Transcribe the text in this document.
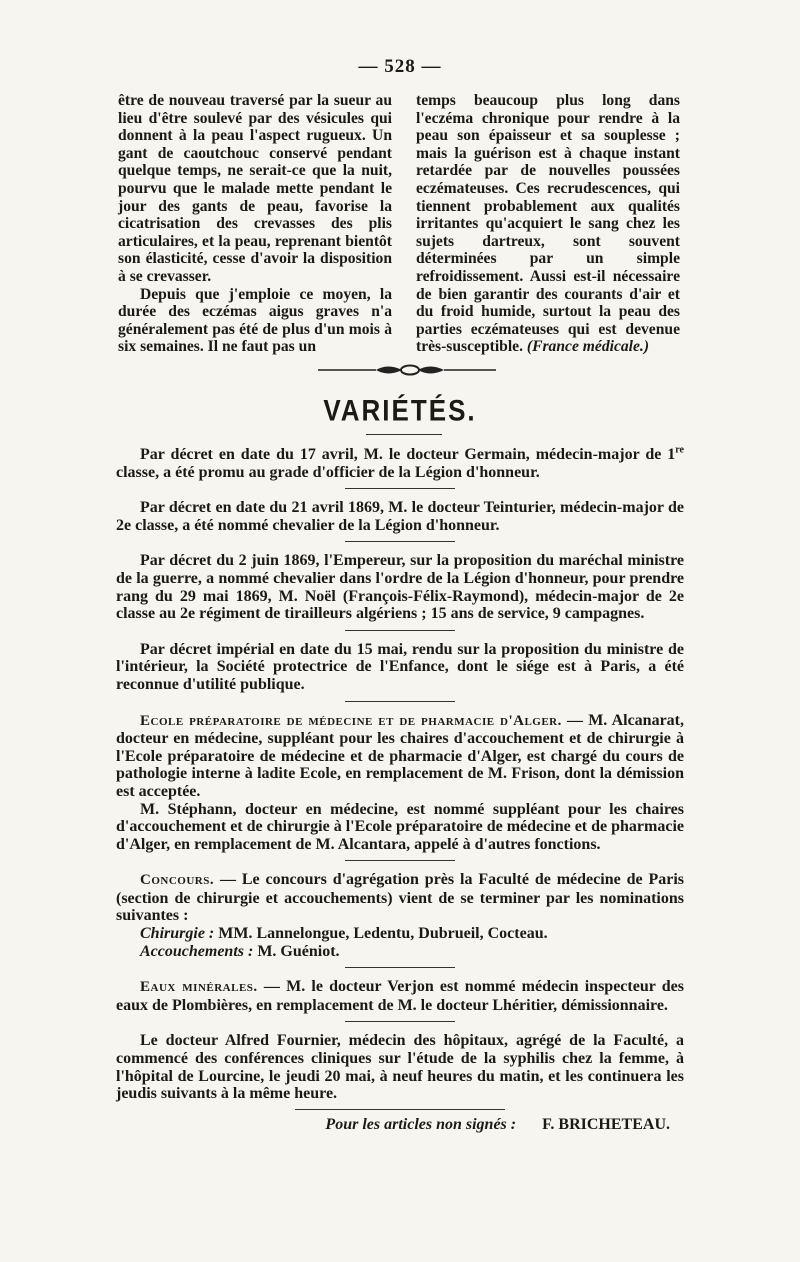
— 528 —

être de nouveau traversé par la sueur au lieu d'être soulevé par des vésicules qui donnent à la peau l'aspect rugueux. Un gant de caoutchouc conservé pendant quelque temps, ne serait-ce que la nuit, pourvu que le malade mette pendant le jour des gants de peau, favorise la cicatrisation des crevasses des plis articulaires, et la peau, reprenant bientôt son élasticité, cesse d'avoir la disposition à se crevasser.

Depuis que j'emploie ce moyen, la durée des eczémas aigus graves n'a généralement pas été de plus d'un mois à six semaines. Il ne faut pas un

temps beaucoup plus long dans l'eczéma chronique pour rendre à la peau son épaisseur et sa souplesse ; mais la guérison est à chaque instant retardée par de nouvelles poussées eczémateuses. Ces recrudescences, qui tiennent probablement aux qualités irritantes qu'acquiert le sang chez les sujets dartreux, sont souvent déterminées par un simple refroidissement. Aussi est-il nécessaire de bien garantir des courants d'air et du froid humide, surtout la peau des parties eczémateuses qui est devenue très-susceptible. (France médicale.)

VARIÉTÉS.

Par décret en date du 17 avril, M. le docteur Germain, médecin-major de 1re classe, a été promu au grade d'officier de la Légion d'honneur.

Par décret en date du 21 avril 1869, M. le docteur Teinturier, médecin-major de 2e classe, a été nommé chevalier de la Légion d'honneur.

Par décret du 2 juin 1869, l'Empereur, sur la proposition du maréchal ministre de la guerre, a nommé chevalier dans l'ordre de la Légion d'honneur, pour prendre rang du 29 mai 1869, M. Noël (François-Félix-Raymond), médecin-major de 2e classe au 2e régiment de tirailleurs algériens ; 15 ans de service, 9 campagnes.

Par décret impérial en date du 15 mai, rendu sur la proposition du ministre de l'intérieur, la Société protectrice de l'Enfance, dont le siége est à Paris, a été reconnue d'utilité publique.

Ecole préparatoire de médecine et de pharmacie d'Alger. — M. Alcanarat, docteur en médecine, suppléant pour les chaires d'accouchement et de chirurgie à l'Ecole préparatoire de médecine et de pharmacie d'Alger, est chargé du cours de pathologie interne à ladite Ecole, en remplacement de M. Frison, dont la démission est acceptée.

M. Stéphann, docteur en médecine, est nommé suppléant pour les chaires d'accouchement et de chirurgie à l'Ecole préparatoire de médecine et de pharmacie d'Alger, en remplacement de M. Alcantara, appelé à d'autres fonctions.

Concours. — Le concours d'agrégation près la Faculté de médecine de Paris (section de chirurgie et accouchements) vient de se terminer par les nominations suivantes :

Chirurgie : MM. Lannelongue, Ledentu, Dubrueil, Cocteau.

Accouchements : M. Guéniot.

Eaux minérales. — M. le docteur Verjon est nommé médecin inspecteur des eaux de Plombières, en remplacement de M. le docteur Lhéritier, démissionnaire.

Le docteur Alfred Fournier, médecin des hôpitaux, agrégé de la Faculté, a commencé des conférences cliniques sur l'étude de la syphilis chez la femme, à l'hôpital de Lourcine, le jeudi 20 mai, à neuf heures du matin, et les continuera les jeudis suivants à la même heure.

Pour les articles non signés : F. BRICHETEAU.
